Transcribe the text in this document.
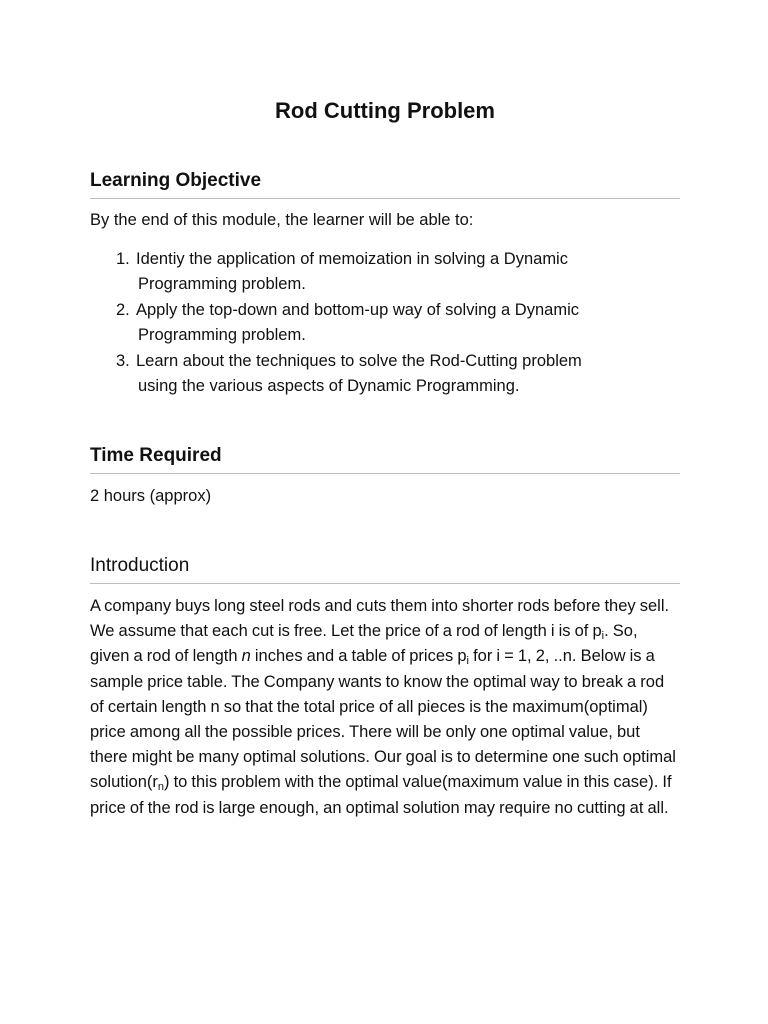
Rod Cutting Problem
Learning Objective

By the end of this module, the learner will be able to:

1. Identiy the application of memoization in solving a Dynamic

Programming problem.
2. Apply the top-down and bottom-up way of solving a Dynamic

Programming problem.
3. Learn about the techniques to solve the Rod-Cutting problem

using the various aspects of Dynamic Programming.
Time Required

2 hours (approx)

Introduction

A company buys long steel rods and cuts them into shorter rods before they sell. We assume that each cut is free. Let the price of a rod of length i is of $p_i$. So, given a rod of length n inches and a table of prices $p_i$ for i = 1, 2, ..n. Below is a sample price table. The Company wants to know the optimal way to break a rod of certain length n so that the total price of all pieces is the maximum(optimal) price among all the possible prices. There will be only one optimal value, but there might be many optimal solutions. Our goal is to determine one such optimal $solution(r_n)$ to this problem with the optimal value(maximum value in this case). If price of the rod is large enough, an optimal solution may require no cutting at all.
